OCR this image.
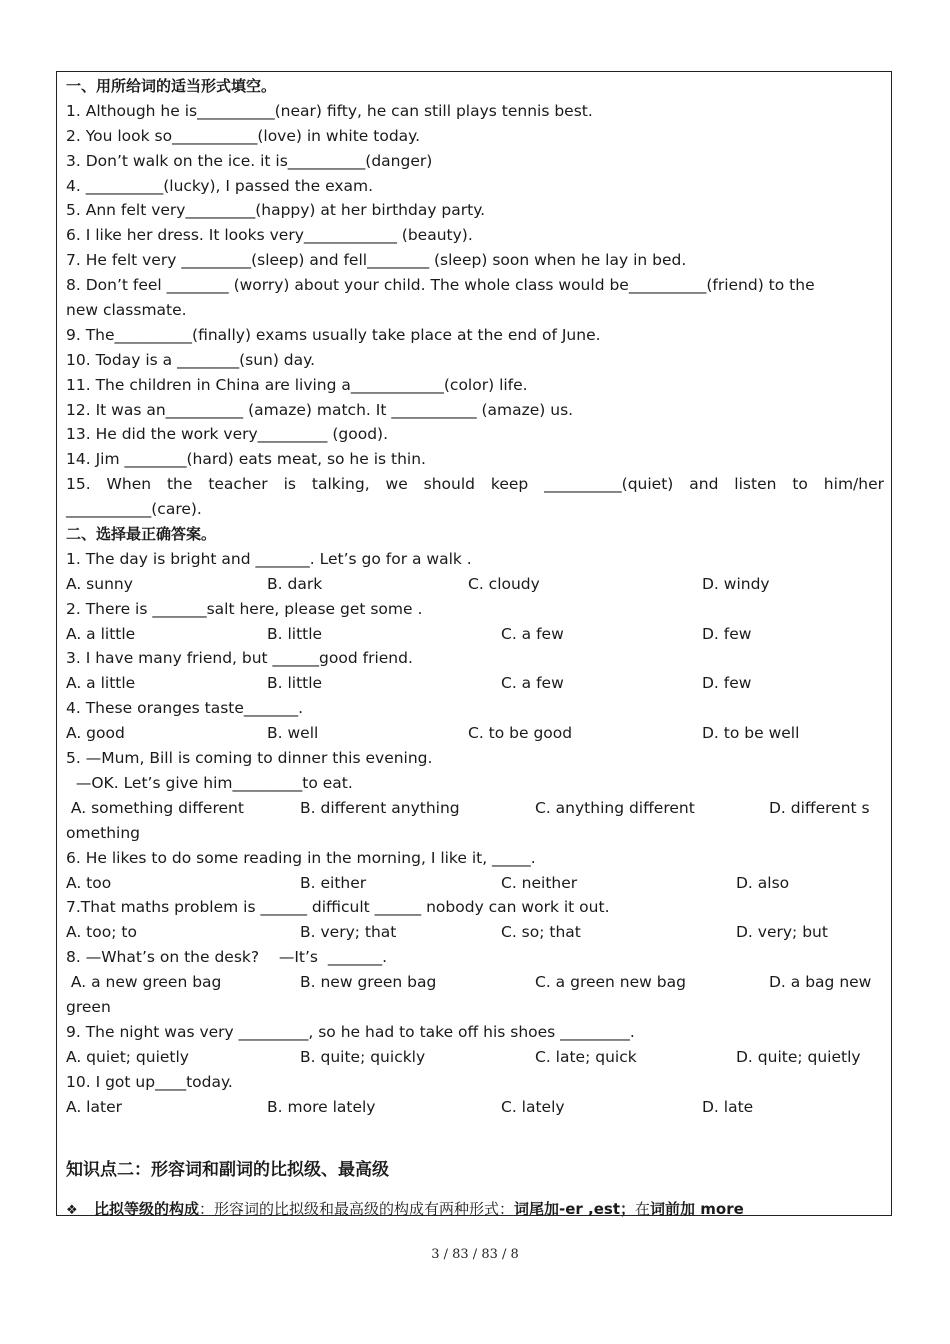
一、用所给词的适当形式填空。
1. Although he is__________(near) fifty, he can still plays tennis best.
2. You look so___________(love) in white today.
3. Don’t walk on the ice. it is__________(danger)
4. __________(lucky), I passed the exam.
5. Ann felt very_________(happy) at her birthday party.
6. I like her dress. It looks very____________ (beauty).
7. He felt very _________(sleep) and fell________ (sleep) soon when he lay in bed.
8. Don’t feel ________ (worry) about your child. The whole class would be__________(friend) to the
new classmate.
9. The__________(finally) exams usually take place at the end of June.
10. Today is a ________(sun) day.
11. The children in China are living a____________(color) life.
12. It was an__________ (amaze) match. It ___________ (amaze) us.
13. He did the work very_________ (good).
14. Jim ________(hard) eats meat, so he is thin.
15. When the teacher is talking, we should keep __________(quiet) and listen to him/her
___________(care).
二、选择最正确答案。
1. The day is bright and _______. Let’s go for a walk .
A. sunny	B. dark	C. cloudy	D. windy
2. There is _______salt here, please get some .
A. a little	B. little	C. a few	D. few
3. I have many friend, but ______good friend.
A. a little	B. little	C. a few	D. few
4. These oranges taste_______.
A. good	B. well	C. to be good	D. to be well
5. —Mum, Bill is coming to dinner this evening.
—OK. Let’s give him_________to eat.
A. something different	B. different anything	C. anything different	D. different s
omething
6. He likes to do some reading in the morning, I like it, _____.
A. too	B. either	C. neither	D. also
7.That maths problem is ______ difficult ______ nobody can work it out.
A. too; to	B. very; that	C. so; that	D. very; but
8. —What’s on the desk?    —It’s  _______.
A. a new green bag	B. new green bag	C. a green new bag	D. a bag new
green
9. The night was very _________, so he had to take off his shoes _________.
A. quiet; quietly	B. quite; quickly	C. late; quick	D. quite; quietly
10. I got up____today.
A. later	B. more lately	C. lately	D. late
知识点二：形容词和副词的比拟级、最高级
❖ 比拟等级的构成：形容词的比拟级和最高级的构成有两种形式：词尾加-er ,est；在词前加 more
3 / 83 / 83 / 8
